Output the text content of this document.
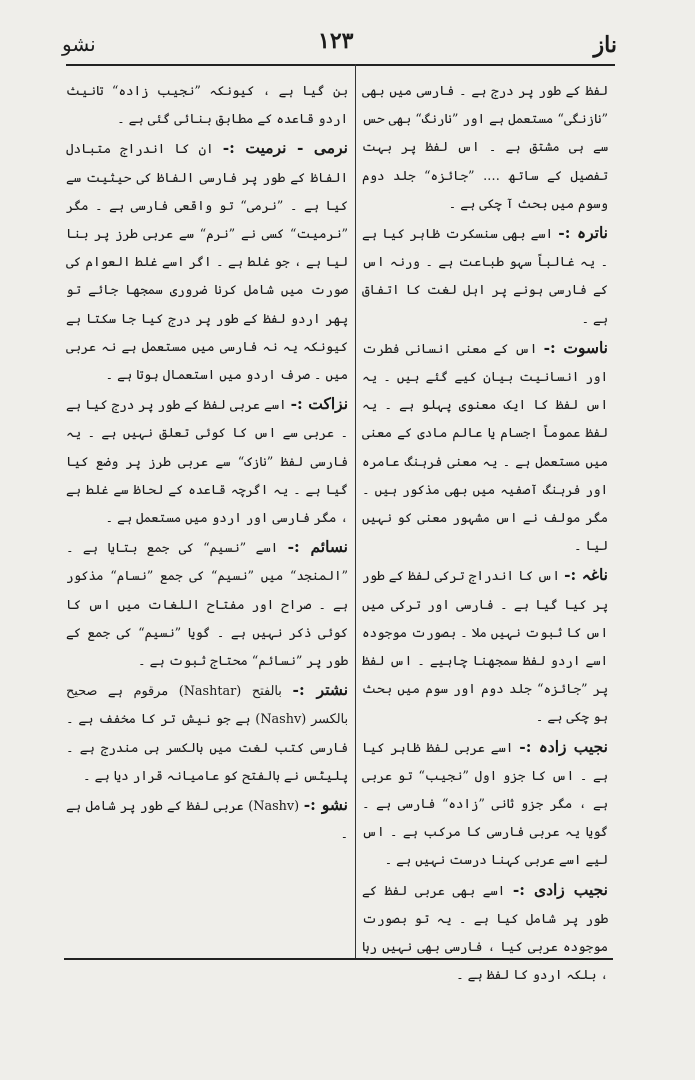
نشو	۱۲۳	ناز

لفظ کے طور پر درج ہے ۔ فارسی میں بھی ”نازنگی“ مستعمل ہے اور ”نارنگ“ بھی حس سے ہی مشتق ہے ۔ اس لفظ پر بہت تفصیل کے ساتھ …. ”جائزہ“ جلد دوم وسوم میں بحث آ چکی ہے ۔

ناترہ :- اسے بھی سنسکرت ظاہر کیا ہے ۔ یہ غالباً سہو طباعت ہے ۔ ورنہ اس کے فارسی ہونے پر اہل لغت کا اتفاق ہے ۔

ناسوت :- اس کے معنی انسانی فطرت اور انسانیت بیان کیے گئے ہیں ۔ یہ اس لفظ کا ایک معنوی پہلو ہے ۔ یہ لفظ عموماً اجسام یا عالم مادی کے معنی میں مستعمل ہے ۔ یہ معنی فرہنگ عامرہ اور فرہنگ آصفیہ میں بھی مذکور ہیں ۔ مگر مولف نے اس مشہور معنی کو نہیں لیا ۔

ناغہ :- اس کا اندراج ترکی لفظ کے طور پر کیا گیا ہے ۔ فارسی اور ترکی میں اس کا ثبوت نہیں ملا ۔ بصورت موجودہ اسے اردو لفظ سمجھنا چاہیے ۔ اس لفظ پر ”جائزہ“ جلد دوم اور سوم میں بحث ہو چکی ہے ۔

نجیب زادہ :- اسے عربی لفظ ظاہر کیا ہے ۔ اس کا جزو اول ”نجیب“ تو عربی ہے ، مگر جزو ثانی ”زادہ“ فارسی ہے ۔ گویا یہ عربی فارسی کا مرکب ہے ۔ اس لیے اسے عربی کہنا درست نہیں ہے ۔

نجیب زادی :- اسے بھی عربی لفظ کے طور پر شامل کیا ہے ۔ یہ تو بصورت موجودہ عربی کیا ، فارسی بھی نہیں رہا ، بلکہ اردو کا لفظ ہے ۔

بن گیا ہے ، کیونکہ ”نجیب زادہ“ تانیث اردو قاعدہ کے مطابق بنائی گئی ہے ۔

نرمی - نرمیت :- ان کا اندراج متبادل الفاظ کے طور پر فارسی الفاظ کی حیثیت سے کیا ہے ۔ ”نرمی“ تو واقعی فارسی ہے ۔ مگر ”نرمیت“ کسی نے ”نرم“ سے عربی طرز پر بنا لیا ہے ، جو غلط ہے ۔ اگر اسے غلط العوام کی صورت میں شامل کرنا ضروری سمجھا جائے تو پھر اردو لفظ کے طور پر درج کیا جا سکتا ہے کیونکہ یہ نہ فارسی میں مستعمل ہے نہ عربی میں ۔ صرف اردو میں استعمال ہوتا ہے ۔

نزاکت :- اسے عربی لفظ کے طور پر درج کیا ہے ۔ عربی سے اس کا کوئی تعلق نہیں ہے ۔ یہ فارسی لفظ ”نازک“ سے عربی طرز پر وضع کیا گیا ہے ۔ یہ اگرچہ قاعدہ کے لحاظ سے غلط ہے ، مگر فارسی اور اردو میں مستعمل ہے ۔

نسائم :- اسے ”نسیم“ کی جمع بتایا ہے ۔ ”المنجد“ میں ”نسیم“ کی جمع ”نسام“ مذکور ہے ۔ صراح اور مفتاح اللغات میں اس کا کوئی ذکر نہیں ہے ۔ گویا ”نسیم“ کی جمع کے طور پر ”نسائم“ محتاج ثبوت ہے ۔

نشتر :- بالفتح (Nashtar) مرقوم ہے صحیح بالکسر (Nashv) ہے جو نیش تر کا مخفف ہے ۔ فارسی کتب لغت میں بالکسر ہی مندرج ہے ۔ پلیٹس نے بالفتح کو عامیانہ قرار دیا ہے ۔

نشو :- (Nashv) عربی لفظ کے طور پر شامل ہے ۔
